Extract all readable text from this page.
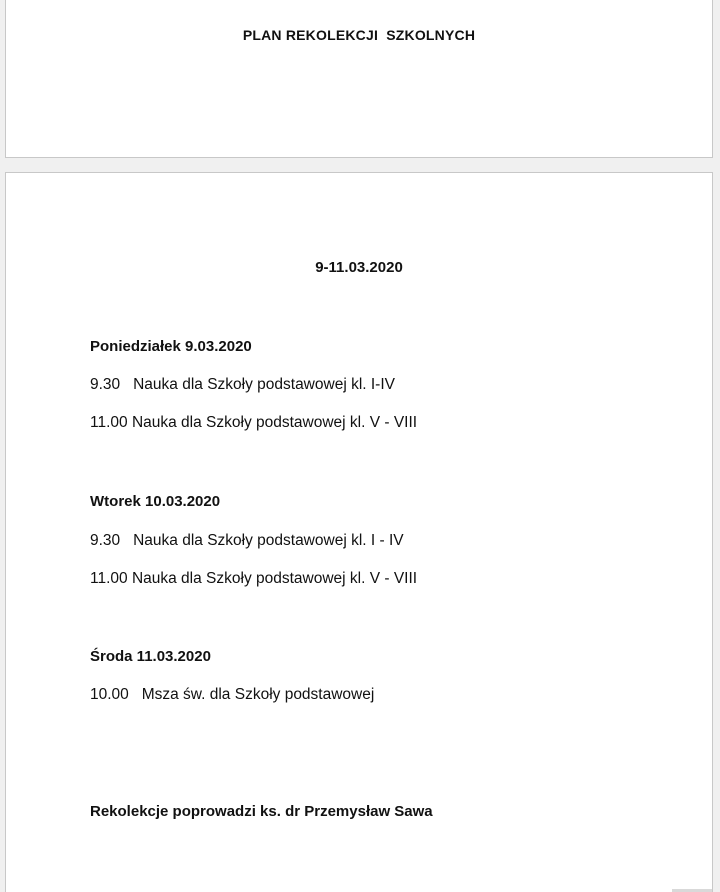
PLAN REKOLEKCJI  SZKOLNYCH

9-11.03.2020

Poniedziałek 9.03.2020

9.30   Nauka dla Szkoły podstawowej kl. I-IV

11.00 Nauka dla Szkoły podstawowej kl. V - VIII

Wtorek 10.03.2020

9.30   Nauka dla Szkoły podstawowej kl. I - IV

11.00 Nauka dla Szkoły podstawowej kl. V - VIII

Środa 11.03.2020

10.00   Msza św. dla Szkoły podstawowej

Rekolekcje poprowadzi ks. dr Przemysław Sawa
